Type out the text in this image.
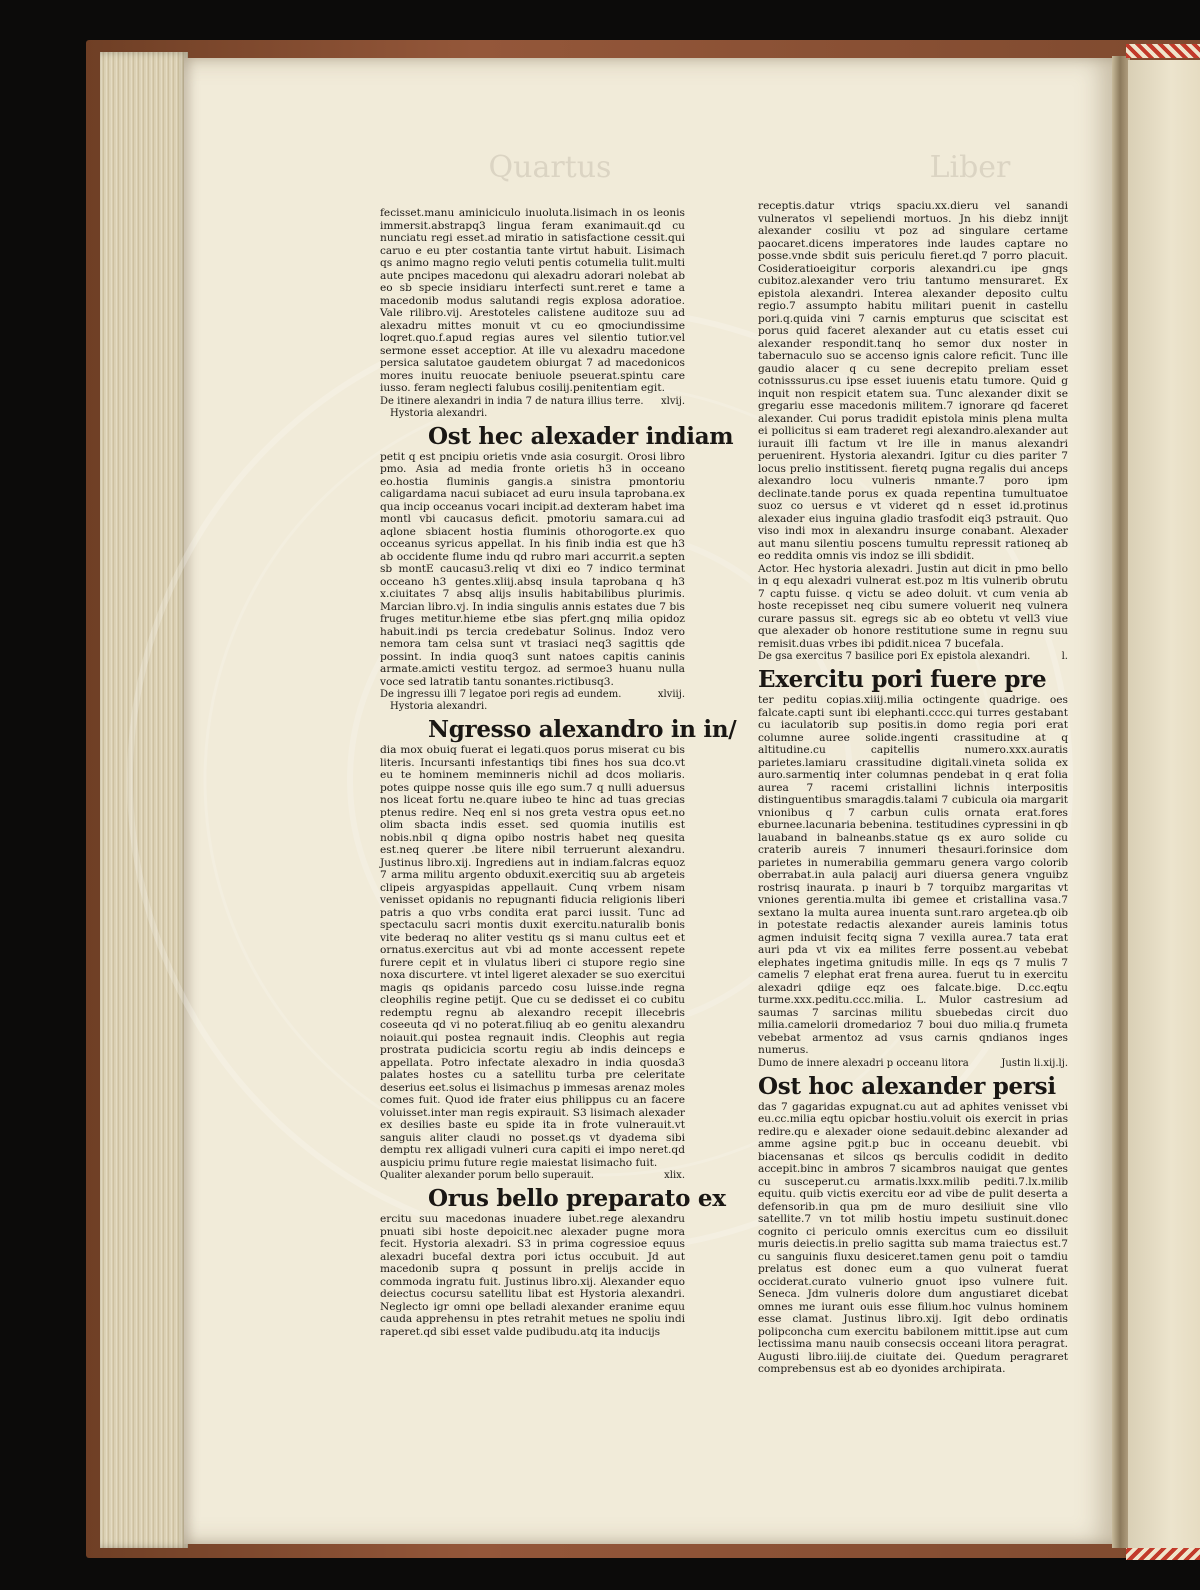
Quartus	Liber

fecisset.manu aminiciculo inuoluta.lisimach in os leonis immersit.abstrapq3 lingua feram exanimauit.qd cu nunciatu regi esset.ad miratio in satisfactione cessit.qui caruo e eu pter costantia tante virtut habuit. Lisimach qs animo magno regio veluti pentis cotumelia tulit.multi aute pncipes macedonu qui alexadru adorari nolebat ab eo sb specie insidiaru interfecti sunt.reret e tame a macedonib modus salutandi regis explosa adoratioe. Vale rilibro.vij. Arestoteles calistene auditoze suu ad alexadru mittes monuit vt cu eo qmociundissime loqret.quo.f.apud regias aures vel silentio tutior.vel sermone esset acceptior. At ille vu alexadru macedone persica salutatoe gaudetem obiurgat 7 ad macedonicos mores inuitu reuocate beniuole pseuerat.spintu care iusso. feram neglecti falubus cosilij.penitentiam egit.

De itinere alexandri in india 7 de natura illius terre. xlvij.
Hystoria alexandri.
Ost hec alexader indiam

petit q est pncipiu orietis vnde asia cosurgit. Orosi libro pmo. Asia ad media fronte orietis h3 in occeano eo.hostia fluminis gangis.a sinistra pmontoriu caligardama nacui subiacet ad euru insula taprobana.ex qua incip occeanus vocari incipit.ad dexteram habet ima montl vbi caucasus deficit. pmotoriu samara.cui ad aqlone sbiacent hostia fluminis othorogorte.ex quo occeanus syricus appellat. In his finib india est que h3 ab occidente flume indu qd rubro mari accurrit.a septen sb montE caucasu3.reliq vt dixi eo 7 indico terminat occeano h3 gentes.xliij.absq insula taprobana q h3 x.ciuitates 7 absq alijs insulis habitabilibus plurimis. Marcian libro.vj. In india singulis annis estates due 7 bis fruges metitur.hieme etbe sias pfert.gnq milia opidoz habuit.indi ps tercia credebatur Solinus. Indoz vero nemora tam celsa sunt vt trasiaci neq3 sagittis qde possint. In india quoq3 sunt natoes capitis caninis armate.amicti vestitu tergoz. ad sermoe3 huanu nulla voce sed latratib tantu sonantes.rictibusq3.

De ingressu illi 7 legatoe pori regis ad eundem.	xlviij.
Hystoria alexandri.
Ngresso alexandro in in/

dia mox obuiq fuerat ei legati.quos porus miserat cu bis literis. Incursanti infestantiqs tibi fines hos sua dco.vt eu te hominem meminneris nichil ad dcos moliaris. potes quippe nosse quis ille ego sum.7 q nulli aduersus nos liceat fortu ne.quare iubeo te hinc ad tuas grecias ptenus redire. Neq enl si nos greta vestra opus eet.no olim sbacta indis esset. sed quomia inutilis est nobis.nbil q digna opibo nostris habet neq quesita est.neq querer .be litere nibil terruerunt alexandru. Justinus libro.xij. Ingrediens aut in indiam.falcras equoz 7 arma militu argento obduxit.exercitiq suu ab argeteis clipeis argyaspidas appellauit. Cunq vrbem nisam venisset opidanis no repugnanti fiducia religionis liberi patris a quo vrbs condita erat parci iussit. Tunc ad spectaculu sacri montis duxit exercitu.naturalib bonis vite bederaq no aliter vestitu qs si manu cultus eet et ornatus.exercitus aut vbi ad monte accessent repete furere cepit et in vlulatus liberi ci stupore regio sine noxa discurtere. vt intel ligeret alexader se suo exercitui magis qs opidanis parcedo cosu luisse.inde regna cleophilis regine petijt. Que cu se dedisset ei co cubitu redemptu regnu ab alexandro recepit illecebris coseeuta qd vi no poterat.filiuq ab eo genitu alexandru noiauit.qui postea regnauit indis. Cleophis aut regia prostrata pudicicia scortu regiu ab indis deinceps e appellata. Potro infectate alexadro in india quosda3 palates hostes cu a satellitu turba pre celeritate deserius eet.solus ei lisimachus p immesas arenaz moles comes fuit. Quod ide frater eius philippus cu an facere voluisset.inter man regis expirauit. S3 lisimach alexader ex desilies baste eu spide ita in frote vulnerauit.vt sanguis aliter claudi no posset.qs vt dyadema sibi demptu rex alligadi vulneri cura capiti ei impo neret.qd auspiciu primu future regie maiestat lisimacho fuit.

Qualiter alexander porum bello superauit.	xlix.
Orus bello preparato ex

ercitu suu macedonas inuadere iubet.rege alexandru pnuati sibi hoste depoicit.nec alexader pugne mora fecit. Hystoria alexadri. S3 in prima cogressioe equus alexadri bucefal dextra pori ictus occubuit. Jd aut macedonib supra q possunt in prelijs accide in commoda ingratu fuit. Justinus libro.xij. Alexander equo deiectus cocursu satellitu libat est Hystoria alexandri. Neglecto igr omni ope belladi alexander eranime equu cauda apprehensu in ptes retrahit metues ne spoliu indi raperet.qd sibi esset valde pudibudu.atq ita inducijs

receptis.datur vtriqs spaciu.xx.dieru vel sanandi vulneratos vl sepeliendi mortuos. Jn his diebz innijt alexander cosiliu vt poz ad singulare certame paocaret.dicens imperatores inde laudes captare no posse.vnde sbdit suis periculu fieret.qd 7 porro placuit. Cosideratioeigitur corporis alexandri.cu ipe gnqs cubitoz.alexander vero triu tantumo mensuraret. Ex epistola alexandri. Interea alexander deposito cultu regio.7 assumpto habitu militari puenit in castellu pori.q.quida vini 7 carnis empturus que sciscitat est porus quid faceret alexander aut cu etatis esset cui alexander respondit.tanq ho semor dux noster in tabernaculo suo se accenso ignis calore reficit. Tunc ille gaudio alacer q cu sene decrepito preliam esset cotnisssurus.cu ipse esset iuuenis etatu tumore. Quid g inquit non respicit etatem sua. Tunc alexander dixit se gregariu esse macedonis militem.7 ignorare qd faceret alexander. Cui porus tradidit epistola minis plena multa ei pollicitus si eam traderet regi alexandro.alexander aut iurauit illi factum vt lre ille in manus alexandri peruenirent. Hystoria alexandri. Igitur cu dies pariter 7 locus prelio institissent. fieretq pugna regalis dui anceps alexandro locu vulneris nmante.7 poro ipm declinate.tande porus ex quada repentina tumultuatoe suoz co uersus e vt videret qd n esset id.protinus alexader eius inguina gladio trasfodit eiq3 pstrauit. Quo viso indi mox in alexandru insurge conabant. Alexader aut manu silentiu poscens tumultu repressit rationeq ab eo reddita omnis vis indoz se illi sbdidit.

Actor. Hec hystoria alexadri. Justin aut dicit in pmo bello in q equ alexadri vulnerat est.poz m ltis vulnerib obrutu 7 captu fuisse. q victu se adeo doluit. vt cum venia ab hoste recepisset neq cibu sumere voluerit neq vulnera curare passus sit. egregs sic ab eo obtetu vt vell3 viue que alexader ob honore restitutione sume in regnu suu remisit.duas vrbes ibi pdidit.nicea 7 bucefala.

De gsa exercitus 7 basilice pori Ex epistola alexandri.	l.
Exercitu pori fuere pre

ter peditu copias.xiiij.milia octingente quadrige. oes falcate.capti sunt ibi elephanti.cccc.qui turres gestabant cu iaculatorib sup positis.in domo regia pori erat columne auree solide.ingenti crassitudine at q altitudine.cu capitellis numero.xxx.auratis parietes.lamiaru crassitudine digitali.vineta solida ex auro.sarmentiq inter columnas pendebat in q erat folia aurea 7 racemi cristallini lichnis interpositis distinguentibus smaragdis.talami 7 cubicula oia margarit vnionibus q 7 carbun culis ornata erat.fores eburnee.lacunaria bebenina. testitudines cypressini in qb lauaband in balneanbs.statue qs ex auro solide cu craterib aureis 7 innumeri thesauri.forinsice dom parietes in numerabilia gemmaru genera vargo colorib oberrabat.in aula palacij auri diuersa genera vnguibz rostrisq inaurata. p inauri b 7 torquibz margaritas vt vniones gerentia.multa ibi gemee et cristallina vasa.7 sextano la multa aurea inuenta sunt.raro argetea.qb oib in potestate redactis alexander aureis laminis totus agmen induisit fecitq signa 7 vexilla aurea.7 tata erat auri pda vt vix ea milites ferre possent.au vebebat elephates ingetima gnitudis mille. In eqs qs 7 mulis 7 camelis 7 elephat erat frena aurea. fuerut tu in exercitu alexadri qdiige eqz oes falcate.bige. D.cc.eqtu turme.xxx.peditu.ccc.milia. L. Mulor castresium ad saumas 7 sarcinas militu sbuebedas circit duo milia.camelorii dromedarioz 7 boui duo milia.q frumeta vebebat armentoz ad vsus carnis qndianos inges numerus.

Dumo de innere alexadri p occeanu litora	Justin li.xij.lj.
Ost hoc alexander persi

das 7 gagaridas expugnat.cu aut ad aphites venisset vbi eu.cc.milia eqtu opicbar hostiu.voluit ois exercit in prias redire.qu e alexader oione sedauit.debinc alexander ad amme agsine pgit.p buc in occeanu deuebit. vbi biacensanas et silcos qs berculis codidit in dedito accepit.binc in ambros 7 sicambros nauigat que gentes cu susceperut.cu armatis.lxxx.milib pediti.7.lx.milib equitu. quib victis exercitu eor ad vibe de pulit deserta a defensorib.in qua pm de muro desiliuit sine vllo satellite.7 vn tot milib hostiu impetu sustinuit.donec cognito ci periculo omnis exercitus cum eo dissiluit muris deiectis.in prelio sagitta sub mama traiectus est.7 cu sanguinis fluxu desiceret.tamen genu poit o tamdiu prelatus est donec eum a quo vulnerat fuerat occiderat.curato vulnerio gnuot ipso vulnere fuit. Seneca. Jdm vulneris dolore dum angustiaret dicebat omnes me iurant ouis esse filium.hoc vulnus hominem esse clamat. Justinus libro.xij. Igit debo ordinatis polipconcha cum exercitu babilonem mittit.ipse aut cum lectissima manu nauib consecsis occeani litora peragrat. Augusti libro.iiij.de ciuitate dei. Quedum peragraret comprebensus est ab eo dyonides archipirata.
